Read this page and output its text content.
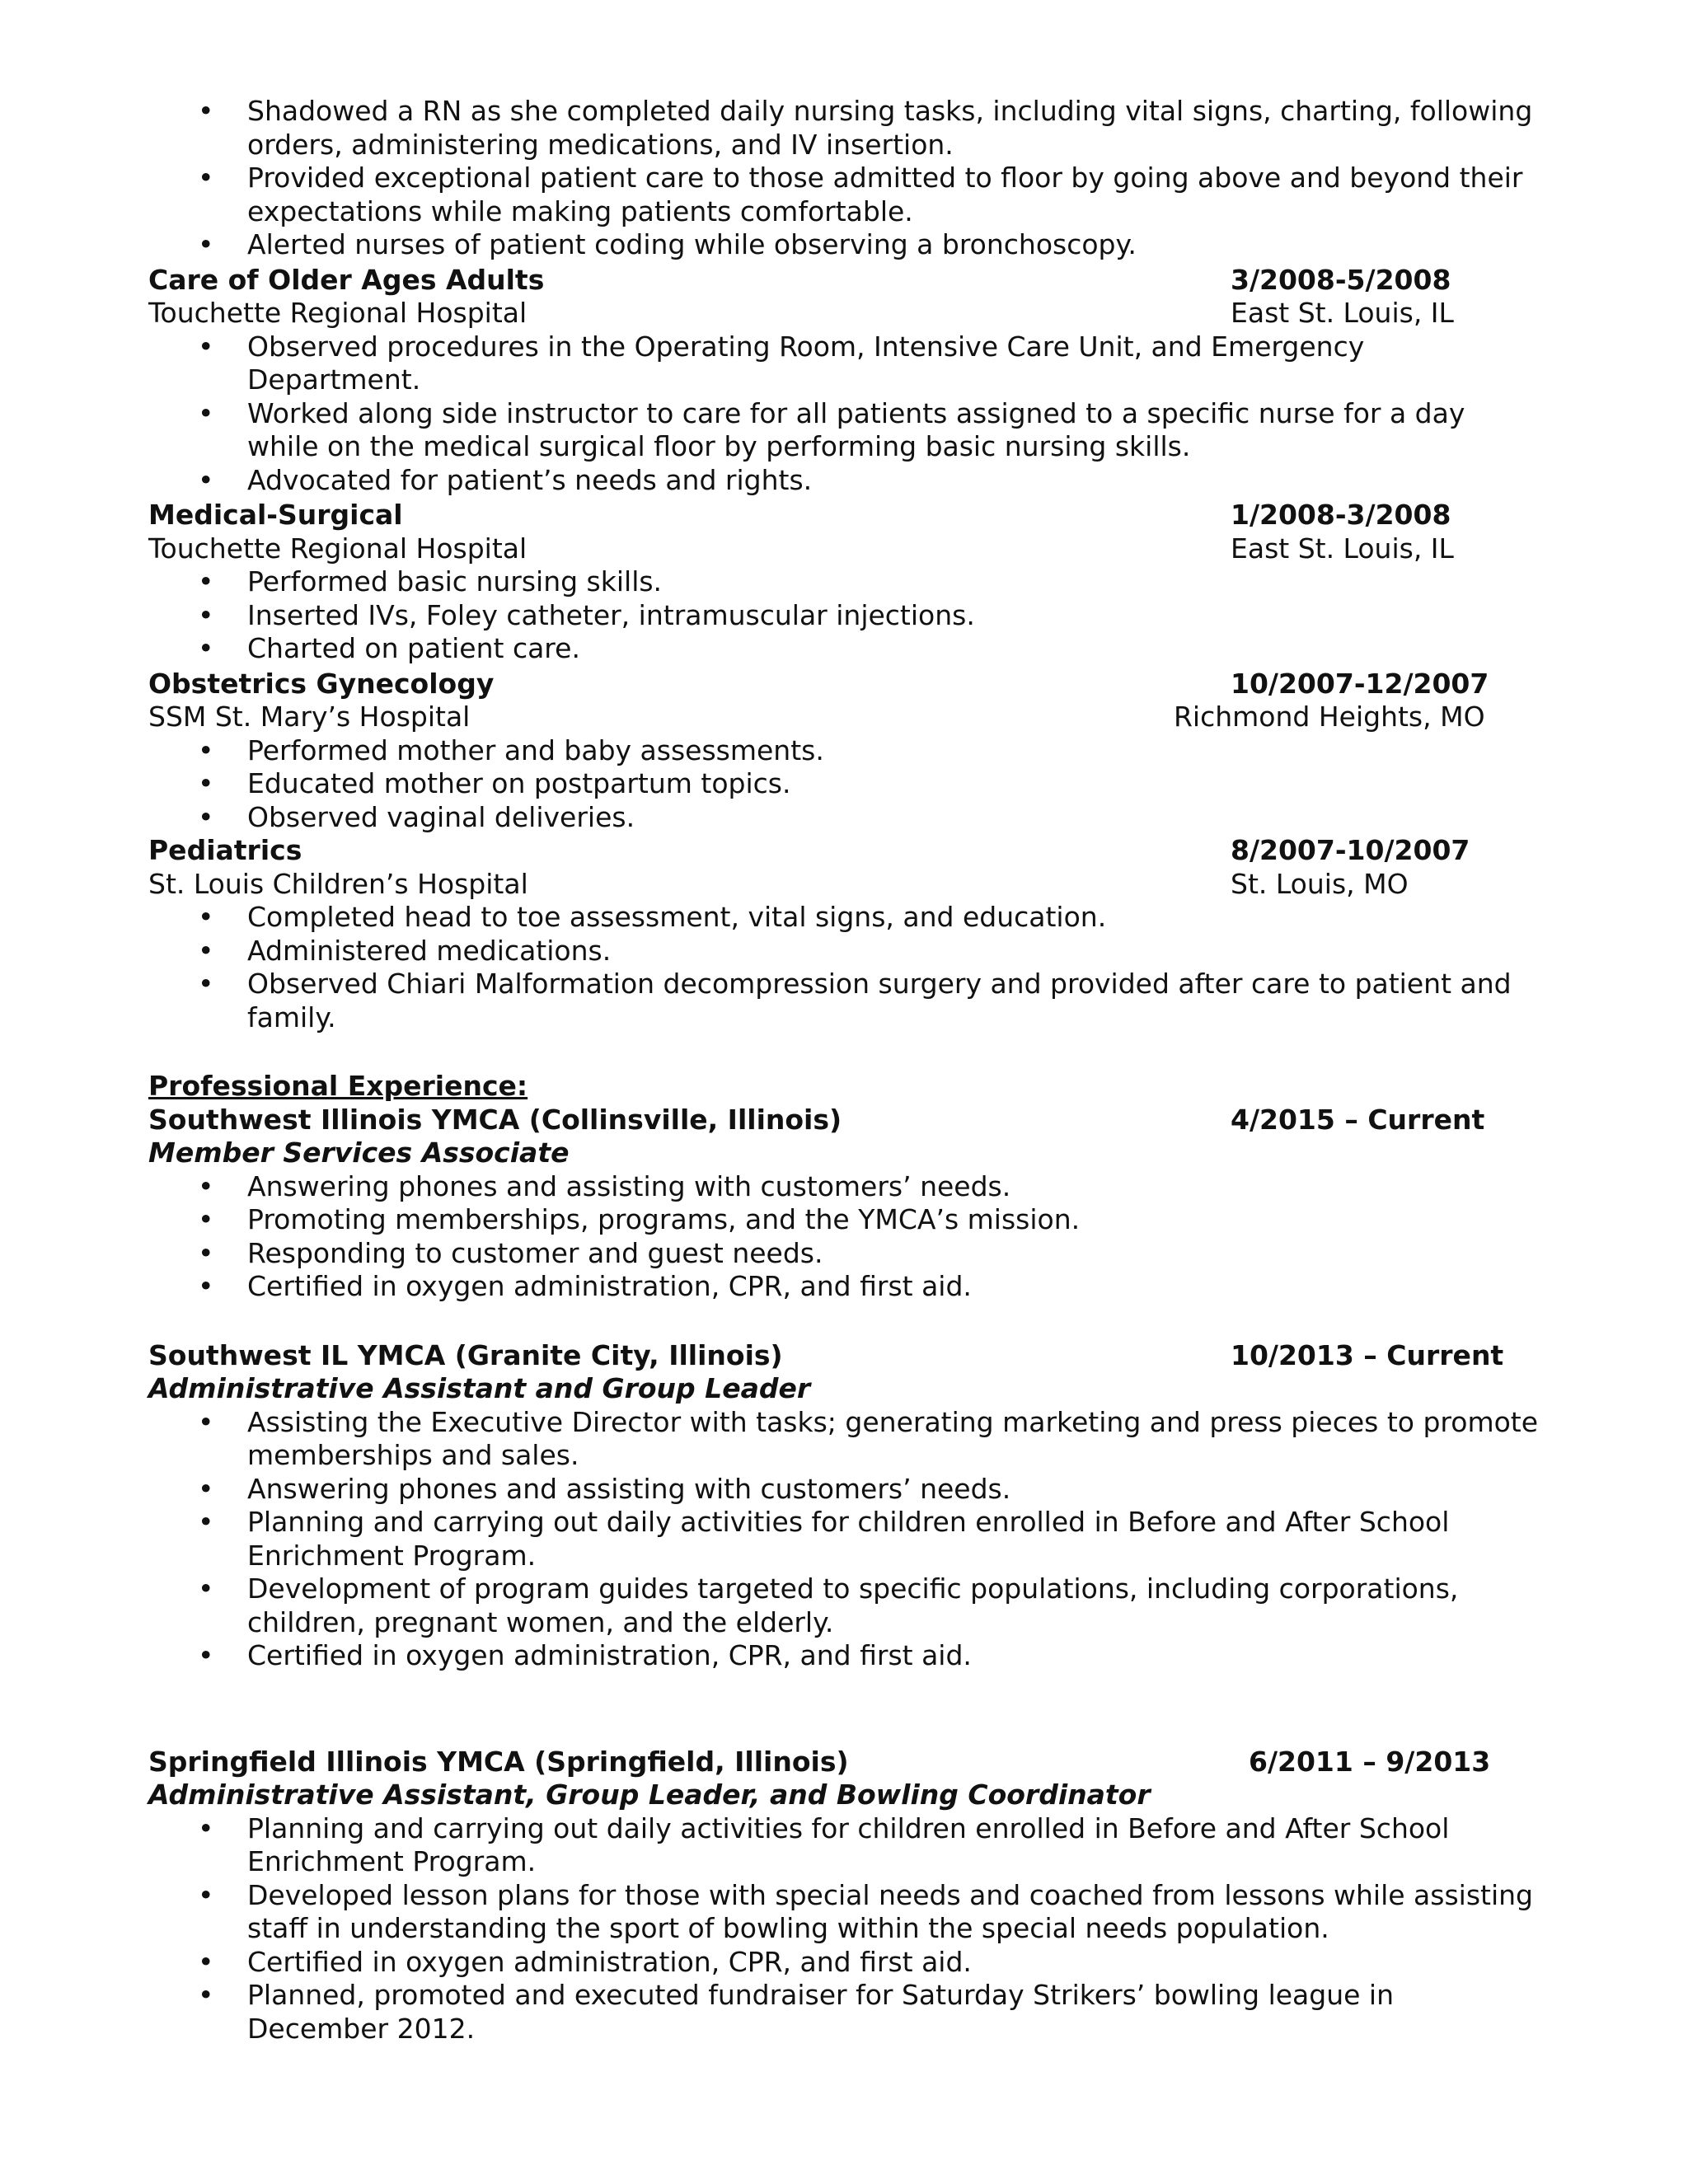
• Shadowed a RN as she completed daily nursing tasks, including vital signs, charting, following orders, administering medications, and IV insertion.
• Provided exceptional patient care to those admitted to floor by going above and beyond their expectations while making patients comfortable.
• Alerted nurses of patient coding while observing a bronchoscopy.
Care of Older Ages Adults	3/2008-5/2008
Touchette Regional Hospital	East St. Louis, IL
• Observed procedures in the Operating Room, Intensive Care Unit, and Emergency Department.
• Worked along side instructor to care for all patients assigned to a specific nurse for a day while on the medical surgical floor by performing basic nursing skills.
• Advocated for patient’s needs and rights.
Medical-Surgical	1/2008-3/2008
Touchette Regional Hospital	East St. Louis, IL
• Performed basic nursing skills.
• Inserted IVs, Foley catheter, intramuscular injections.
• Charted on patient care.
Obstetrics Gynecology	10/2007-12/2007
SSM St. Mary’s Hospital	Richmond Heights, MO
• Performed mother and baby assessments.
• Educated mother on postpartum topics.
• Observed vaginal deliveries.
Pediatrics	8/2007-10/2007
St. Louis Children’s Hospital	St. Louis, MO
• Completed head to toe assessment, vital signs, and education.
• Administered medications.
• Observed Chiari Malformation decompression surgery and provided after care to patient and family.
Professional Experience:
Southwest Illinois YMCA (Collinsville, Illinois)	4/2015 – Current
Member Services Associate
• Answering phones and assisting with customers’ needs.
• Promoting memberships, programs, and the YMCA’s mission.
• Responding to customer and guest needs.
• Certified in oxygen administration, CPR, and first aid.
Southwest IL YMCA (Granite City, Illinois)	10/2013 – Current
Administrative Assistant and Group Leader
• Assisting the Executive Director with tasks; generating marketing and press pieces to promote memberships and sales.
• Answering phones and assisting with customers’ needs.
• Planning and carrying out daily activities for children enrolled in Before and After School Enrichment Program.
• Development of program guides targeted to specific populations, including corporations, children, pregnant women, and the elderly.
• Certified in oxygen administration, CPR, and first aid.
Springfield Illinois YMCA (Springfield, Illinois)	6/2011 – 9/2013
Administrative Assistant, Group Leader, and Bowling Coordinator
• Planning and carrying out daily activities for children enrolled in Before and After School Enrichment Program.
• Developed lesson plans for those with special needs and coached from lessons while assisting staff in understanding the sport of bowling within the special needs population.
• Certified in oxygen administration, CPR, and first aid.
• Planned, promoted and executed fundraiser for Saturday Strikers’ bowling league in December 2012.
